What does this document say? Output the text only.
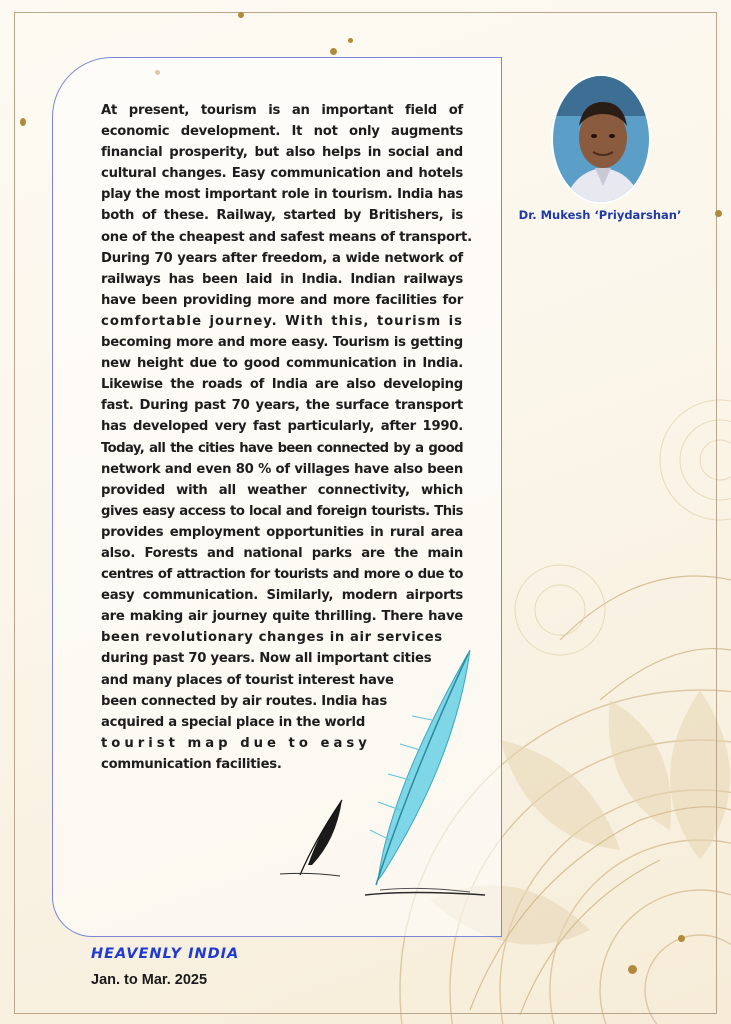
At present, tourism is an important field of
economic development. It not only augments
financial prosperity, but also helps in social and
cultural changes. Easy communication and hotels
play the most important role in tourism. India has
both of these. Railway, started by Britishers, is
one of the cheapest and safest means of transport.
During 70 years after freedom, a wide network of
railways has been laid in India. Indian railways
have been providing more and more facilities for
comfortable journey. With this, tourism is
becoming more and more easy. Tourism is getting
new height due to good communication in India.
Likewise the roads of India are also developing
fast. During past 70 years, the surface transport
has developed very fast particularly, after 1990.
Today, all the cities have been connected by a good
network and even 80 % of villages have also been
provided with all weather connectivity, which
gives easy access to local and foreign tourists. This
provides employment opportunities in rural area
also. Forests and national parks are the main
centres of attraction for tourists and more o due to
easy communication. Similarly, modern airports
are making air journey quite thrilling. There have
been revolutionary changes in air services
during past 70 years. Now all important cities
and many places of tourist interest have
been connected by air routes. India has
acquired a special place in the world
tourist map due to easy
communication facilities.
Dr. Mukesh ‘Priydarshan’
HEAVENLY INDIA
Jan. to Mar. 2025
